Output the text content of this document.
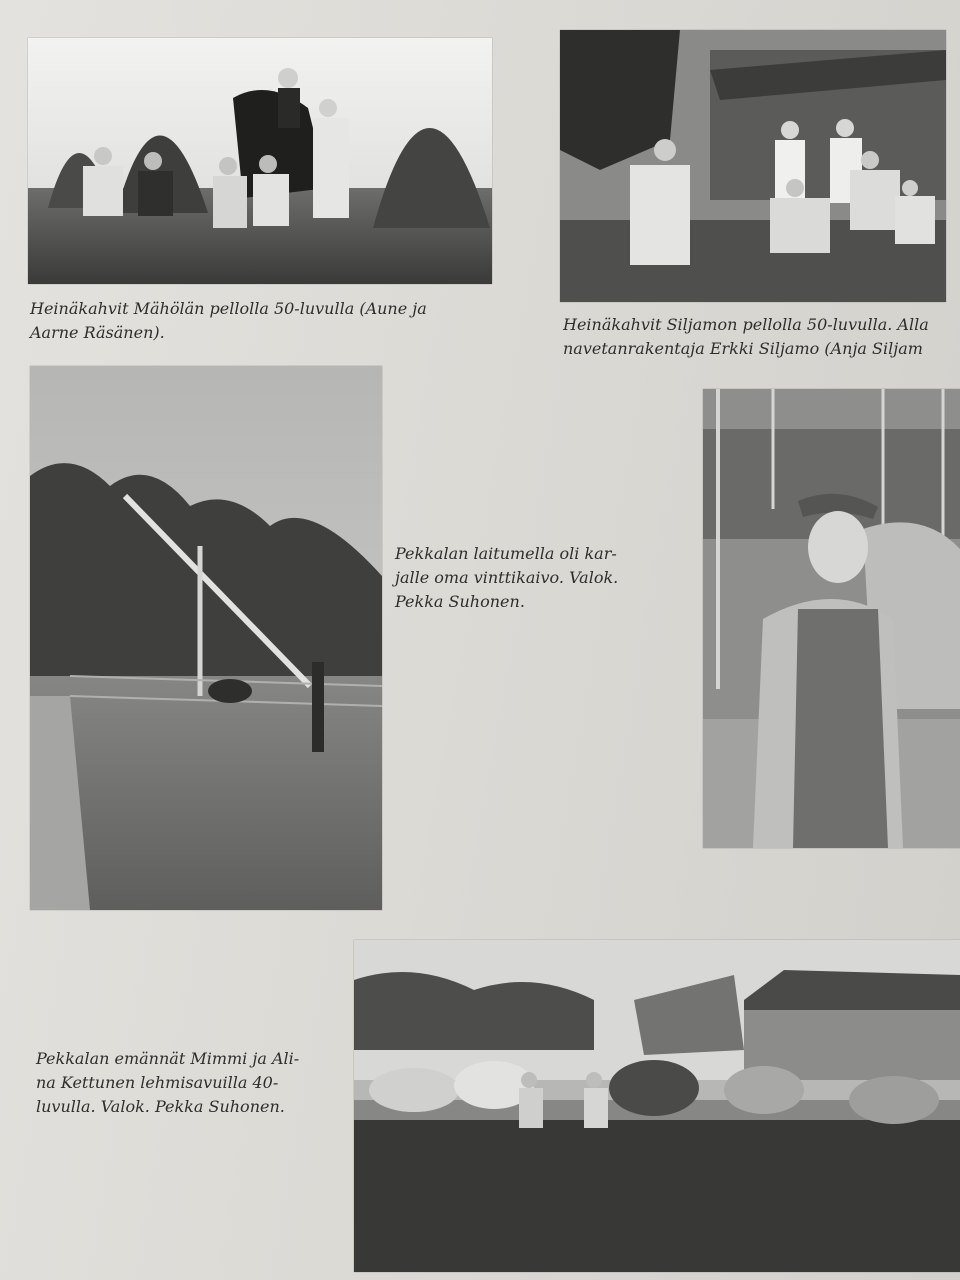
Heinäkahvit Mähölän pellolla 50-luvulla (Aune ja
Aarne Räsänen).	Heinäkahvit Siljamon pellolla 50-luvulla. Alla
navetanrakentaja Erkki Siljamo (Anja Siljam
Pekkalan laitumella oli kar-
jalle oma vinttikaivo. Valok.
Pekka Suhonen.
Pekkalan emännät Mimmi ja Ali-
na Kettunen lehmisavuilla 40-
luvulla. Valok. Pekka Suhonen.
